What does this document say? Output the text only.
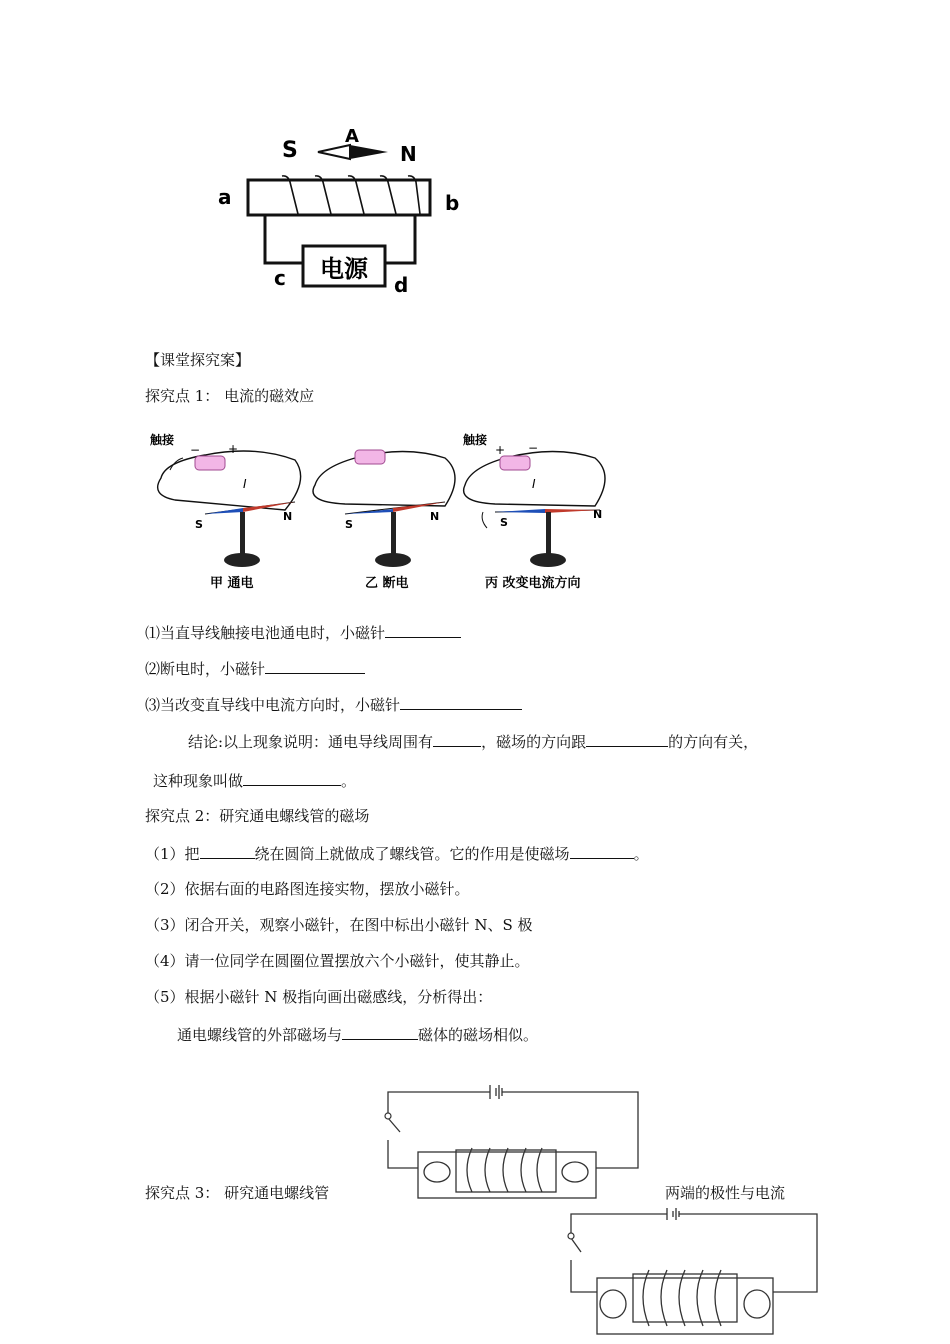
S
A
N
a	b
电源
c	d
【课堂探究案】
探究点 1： 电流的磁效应
触接
− +
I
S
N
甲 通电
S
N
乙 断电
触接
+ −
I
S
N
丙 改变电流方向
⑴当直导线触接电池通电时，小磁针
⑵断电时，小磁针
⑶当改变直导线中电流方向时，小磁针
结论:以上现象说明：通电导线周围有	，磁场的方向跟	的方向有关，
这种现象叫做	。
探究点 2：研究通电螺线管的磁场
（1）把	绕在圆筒上就做成了螺线管。它的作用是使磁场	。
（2）依据右面的电路图连接实物，摆放小磁针。
（3）闭合开关，观察小磁针，在图中标出小磁针 N、S 极
（4）请一位同学在圆圈位置摆放六个小磁针，使其静止。
（5）根据小磁针 N 极指向画出磁感线，分析得出：
通电螺线管的外部磁场与	磁体的磁场相似。
探究点 3： 研究通电螺线管	两端的极性与电流
